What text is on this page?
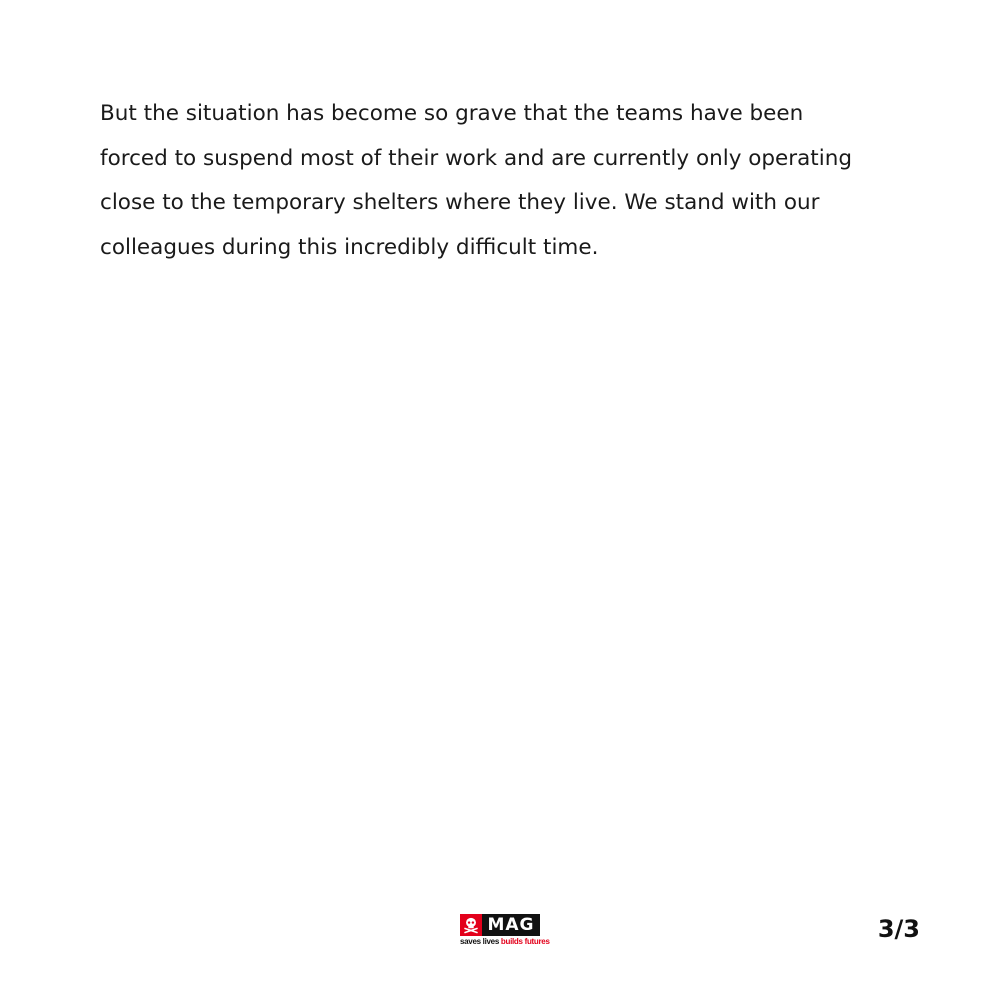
But the situation has become so grave that the teams have been
forced to suspend most of their work and are currently only operating
close to the temporary shelters where they live. We stand with our
colleagues during this incredibly difficult time.

MAG
saves lives builds futures	3/3
